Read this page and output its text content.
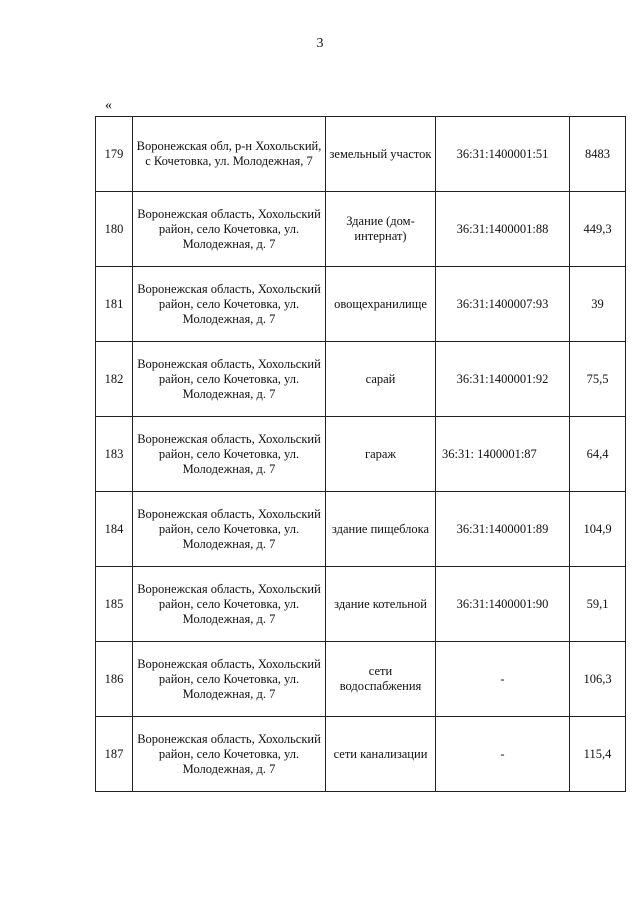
3
«
179	Воронежская обл, р-н Хохольский, с Кочетовка, ул. Молодежная, 7	земельный участок	36:31:1400001:51	8483
180	Воронежская область, Хохольский район, село Кочетовка, ул. Молодежная, д. 7	Здание (дом-интернат)	36:31:1400001:88	449,3
181	Воронежская область, Хохольский район, село Кочетовка, ул. Молодежная, д. 7	овощехранилище	36:31:1400007:93	39
182	Воронежская область, Хохольский район, село Кочетовка, ул. Молодежная, д. 7	сарай	36:31:1400001:92	75,5
183	Воронежская область, Хохольский район, село Кочетовка, ул. Молодежная, д. 7	гараж	36:31: 1400001:87	64,4
184	Воронежская область, Хохольский район, село Кочетовка, ул. Молодежная, д. 7	здание пищеблока	36:31:1400001:89	104,9
185	Воронежская область, Хохольский район, село Кочетовка, ул. Молодежная, д. 7	здание котельной	36:31:1400001:90	59,1
186	Воронежская область, Хохольский район, село Кочетовка, ул. Молодежная, д. 7	сети водоспабжения	-	106,3
187	Воронежская область, Хохольский район, село Кочетовка, ул. Молодежная, д. 7	сети канализации	-	115,4
